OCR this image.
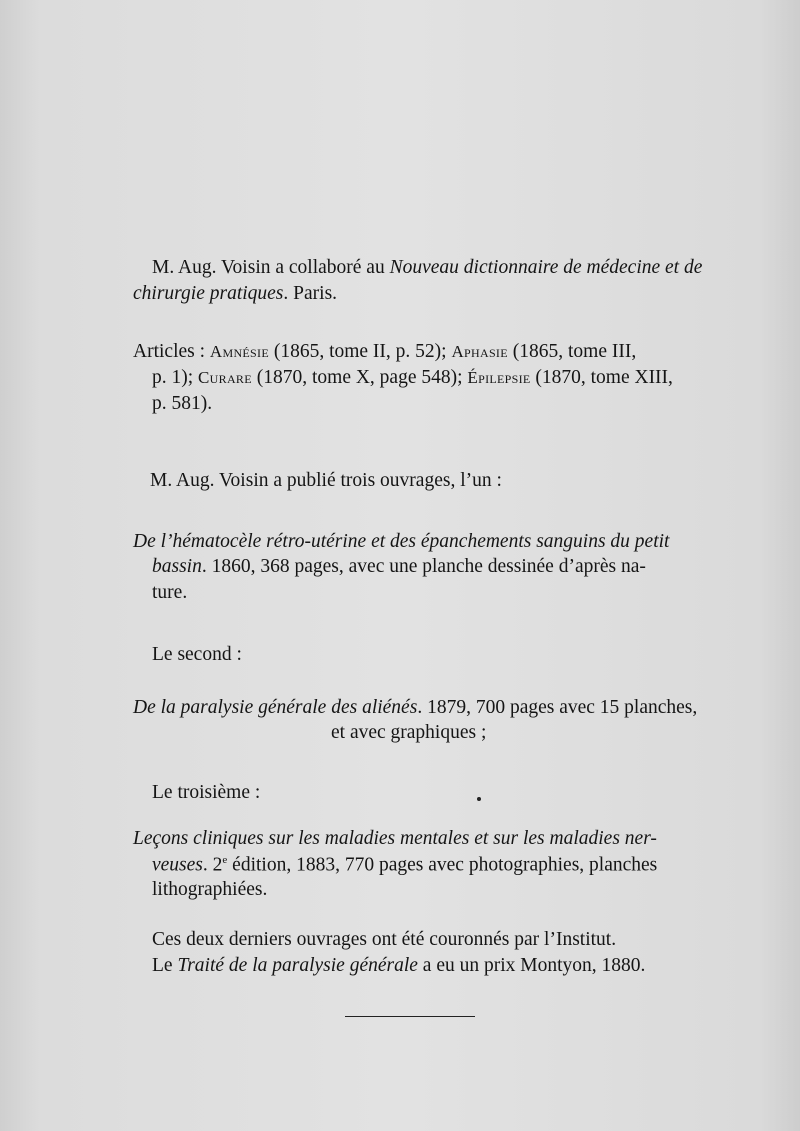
M. Aug. Voisin a collaboré au Nouveau dictionnaire de médecine et de
chirurgie pratiques. Paris.
Articles : Amnésie (1865, tome II, p. 52); Aphasie (1865, tome III,
p. 1); Curare (1870, tome X, page 548); Épilepsie (1870, tome XIII,
p. 581).
M. Aug. Voisin a publié trois ouvrages, l’un :
De l’hématocèle rétro-utérine et des épanchements sanguins du petit
bassin. 1860, 368 pages, avec une planche dessinée d’après na-
ture.
Le second :
De la paralysie générale des aliénés. 1879, 700 pages avec 15 planches,
et avec graphiques ;
Le troisième :
Leçons cliniques sur les maladies mentales et sur les maladies ner-
veuses. 2e édition, 1883, 770 pages avec photographies, planches
lithographiées.
Ces deux derniers ouvrages ont été couronnés par l’Institut.
Le Traité de la paralysie générale a eu un prix Montyon, 1880.
